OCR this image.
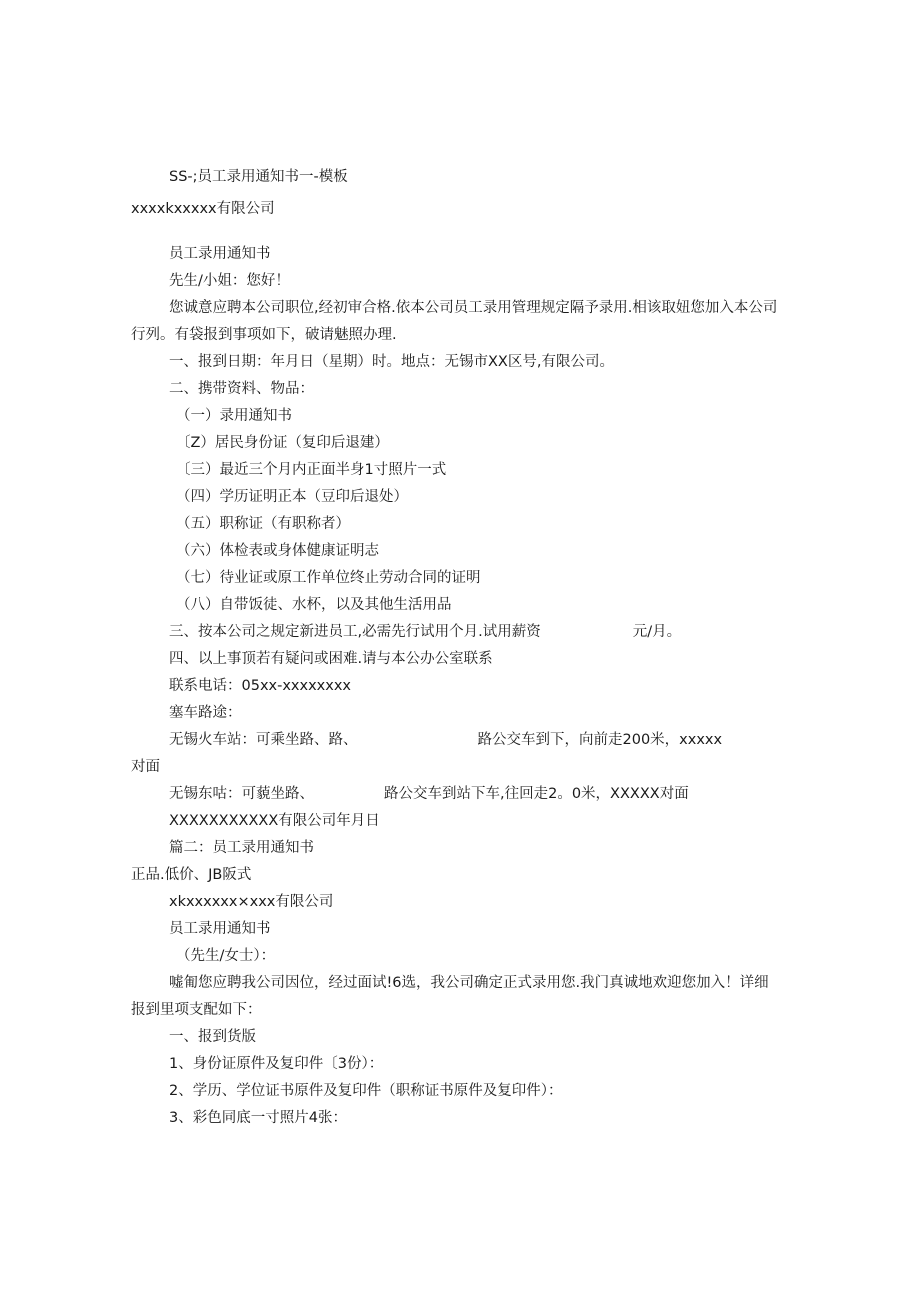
SS-;员工录用通知书一-模板
xxxxkxxxxx有限公司
员工录用通知书
先生/小姐：您好！
您诚意应聘本公司职位,经初审合格.依本公司员工录用管理规定隔予录用.相该取妞您加入本公司
行列。有袋报到事项如下，破请魅照办理.
一、报到日期：年月日（星期）时。地点：无锡市XX区号,有限公司。
二、携带资料、物品：
（一）录用通知书
〔Z）居民身份证（复印后退建）
〔三）最近三个月内正面半身1寸照片一式
（四）学历证明正本（豆印后退处）
（五）职称证（有职称者）
（六）体检表或身体健康证明志
（七）待业证或原工作单位终止劳动合同的证明
（八）自带饭徒、水杯，以及其他生活用品
三、按本公司之规定新进员工,必需先行试用个月.试用薪资	元/月。
四、以上事顶若有疑问或困难.请与本公办公室联系
联系电话：05xx-xxxxxxxx
塞车路途：
无锡火车站：可乘坐路、路、	路公交车到下，向前走200米，xxxxx
对面
无锡东咕：可藐坐路、	路公交车到站下车,往回走2。0米，XXXXX对面
XXXXXXXXXXX有限公司年月日
篇二：员工录用通知书
正品.低价、JB阪式
xkxxxxxx×xxx有限公司
员工录用通知书
（先生/女士）：
嘘匍您应聘我公司因位，经过面试!6选，我公司确定正式录用您.我门真诚地欢迎您加入！详细
报到里项支配如下：
一、报到货版
1、身份证原件及复印件〔3份）：
2、学历、学位证书原件及复印件（职称证书原件及复印件）：
3、彩色同底一寸照片4张：
